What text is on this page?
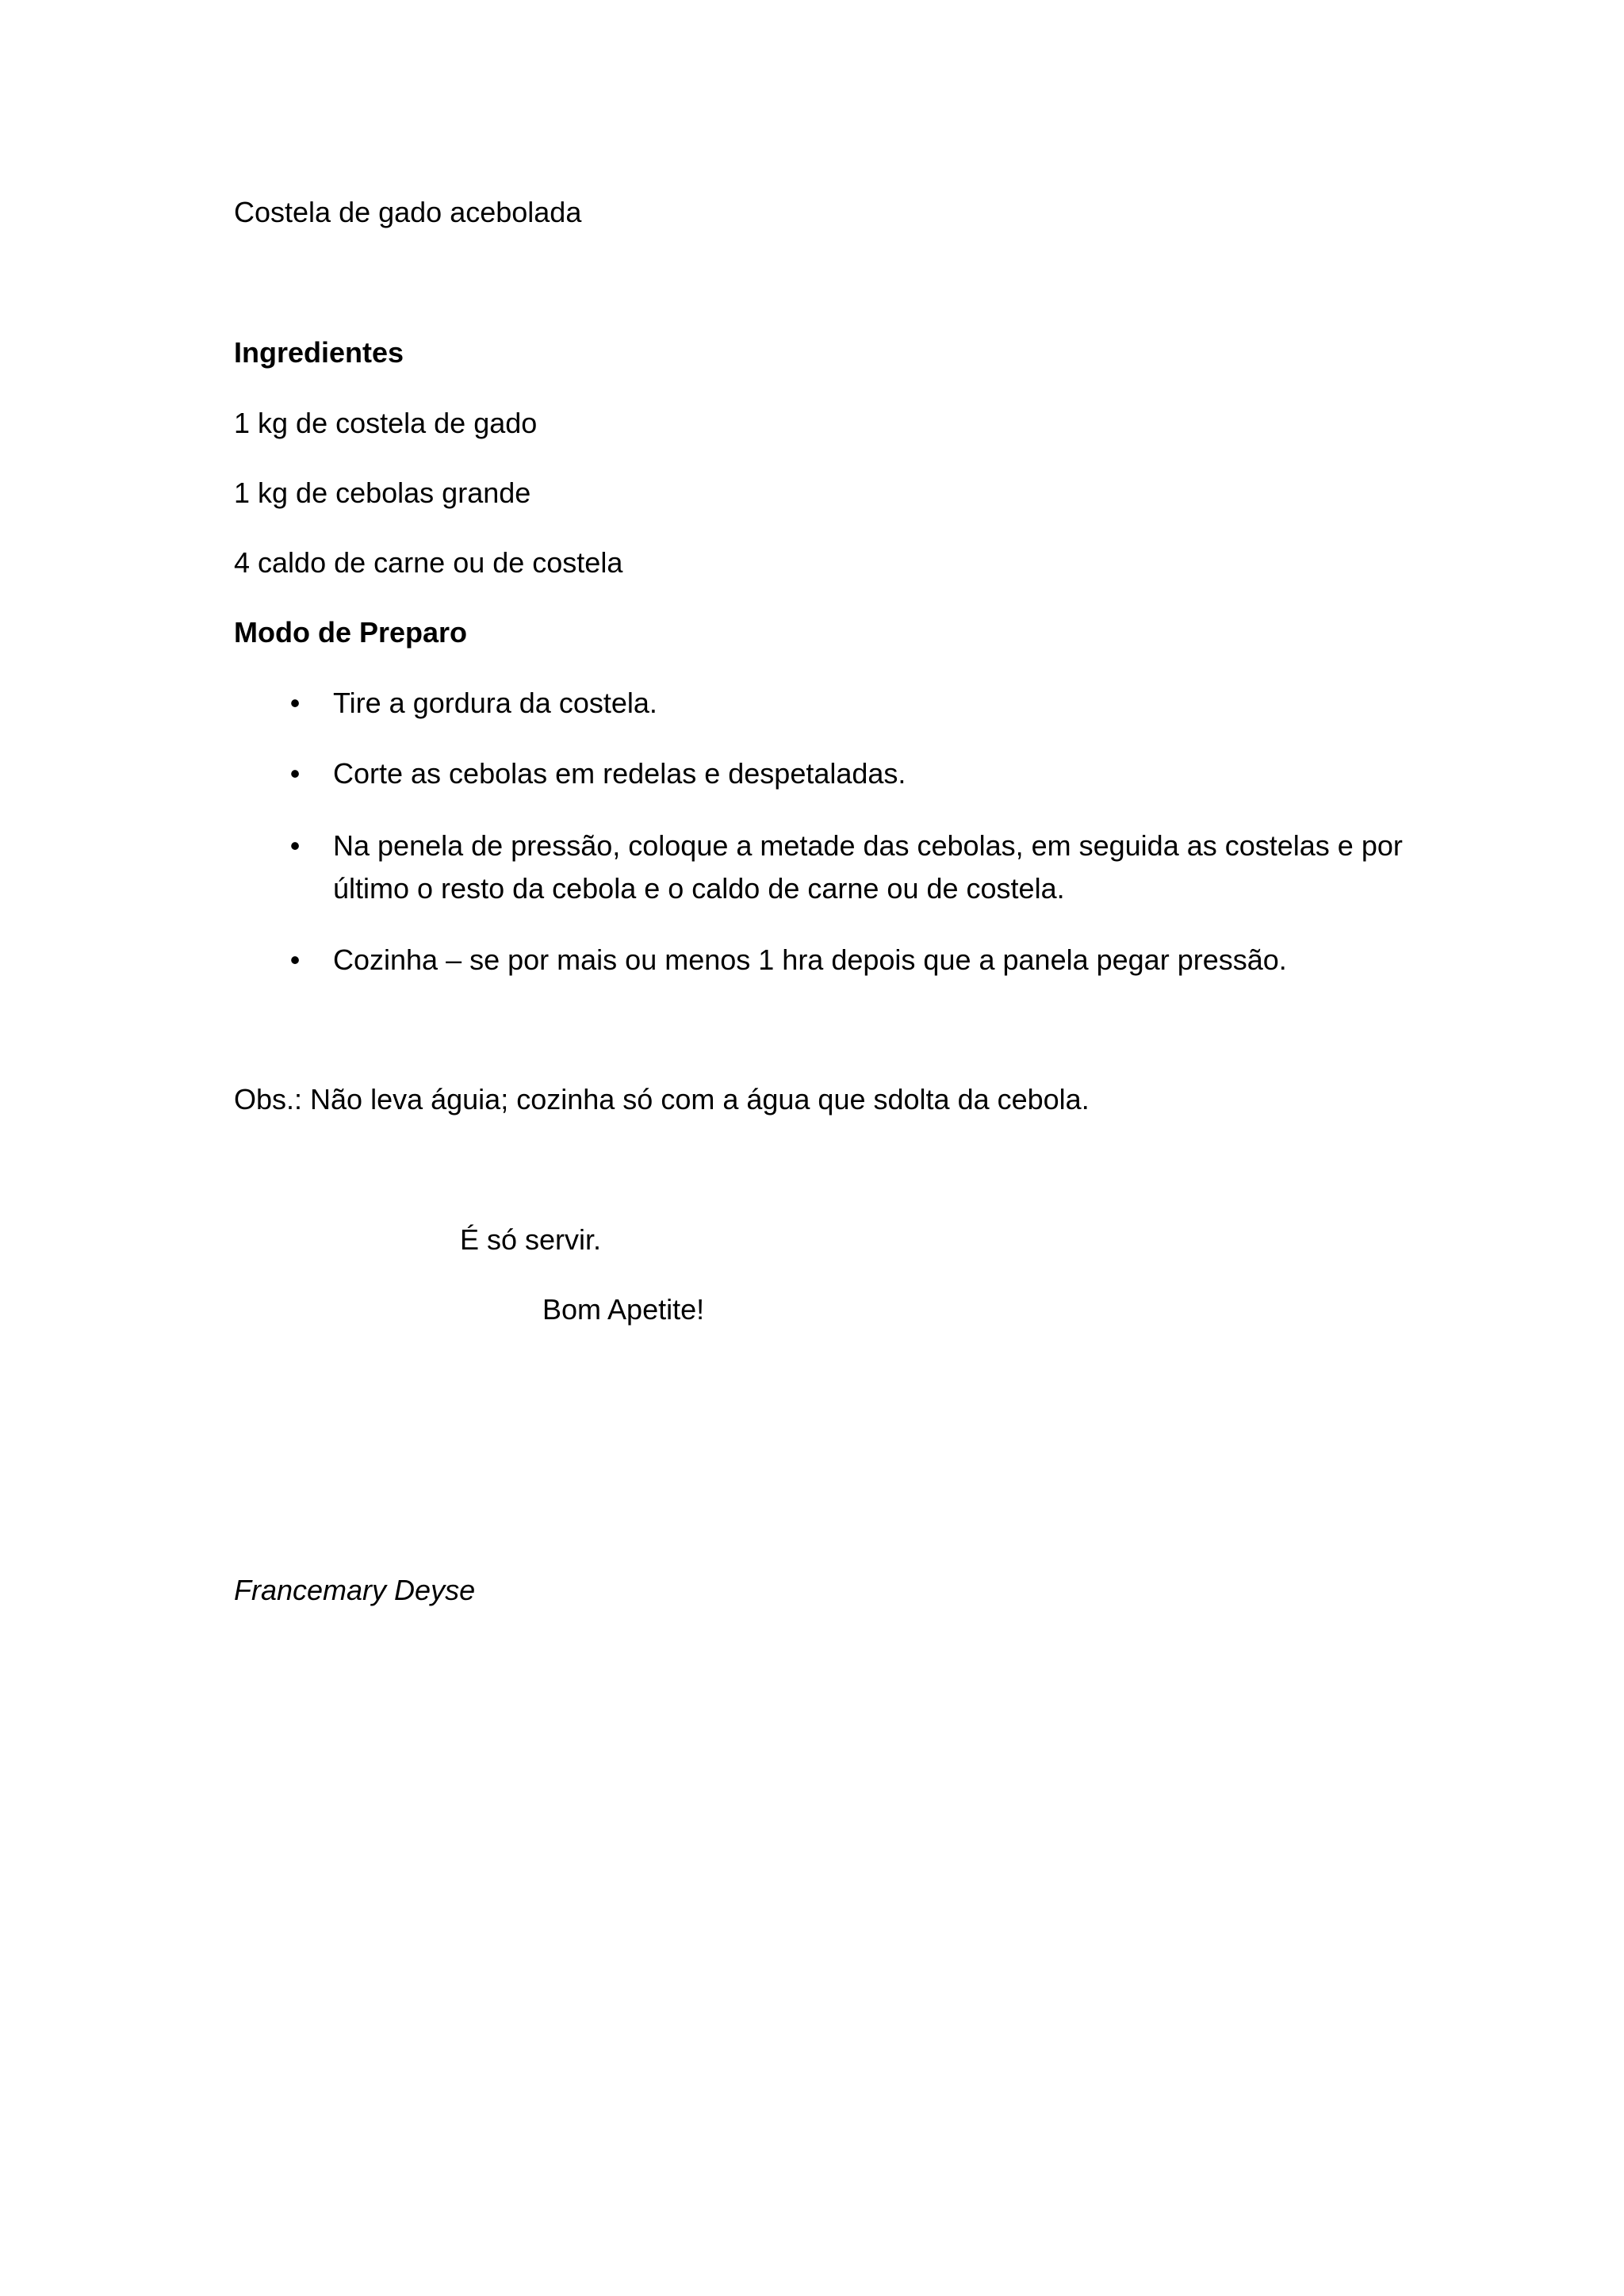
Costela de gado acebolada
Ingredientes
1 kg de costela de gado
1 kg de cebolas grande
4 caldo de carne ou de costela
Modo de Preparo
• Tire a gordura da costela.
• Corte as cebolas em redelas e despetaladas.
• Na penela de pressão, coloque a metade das cebolas, em seguida as costelas e por último o resto da cebola e o caldo de carne ou de costela.
• Cozinha – se por mais ou menos 1 hra depois que a panela pegar pressão.
Obs.: Não leva águia; cozinha só com a água que sdolta da cebola.
É só servir.
Bom Apetite!
Francemary Deyse
